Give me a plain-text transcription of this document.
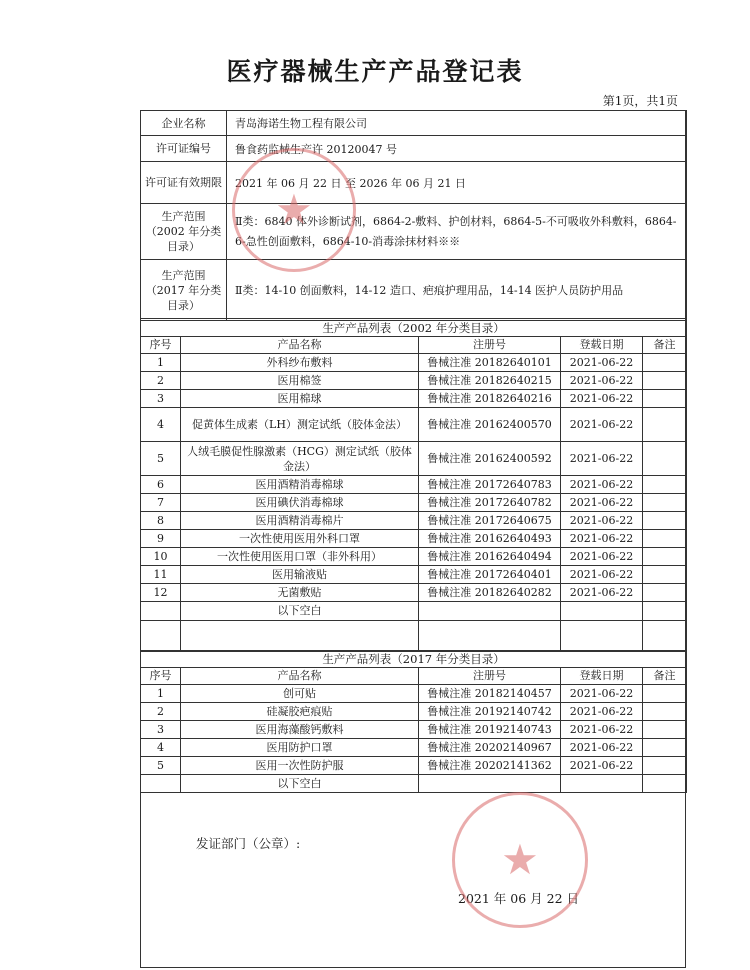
医疗器械生产产品登记表
第1页，共1页
企业名称	青岛海诺生物工程有限公司
许可证编号	鲁食药监械生产许 20120047 号
许可证有效期限	2021 年 06 月 22 日 至 2026 年 06 月 21 日
生产范围（2002 年分类目录）	Ⅱ类：6840 体外诊断试剂，6864-2-敷料、护创材料，6864-5-不可吸收外科敷料，6864-6-急性创面敷料，6864-10-消毒涂抹材料※※
生产范围（2017 年分类目录）	Ⅱ类：14-10 创面敷料，14-12 造口、疤痕护理用品，14-14 医护人员防护用品
生产产品列表（2002 年分类目录）				
序号	产品名称	注册号	登载日期	备注
1	外科纱布敷料	鲁械注准 20182640101	2021-06-22	
2	医用棉签	鲁械注准 20182640215	2021-06-22	
3	医用棉球	鲁械注准 20182640216	2021-06-22	
4	促黄体生成素（LH）测定试纸（胶体金法）	鲁械注准 20162400570	2021-06-22	
5	人绒毛膜促性腺激素（HCG）测定试纸（胶体金法）	鲁械注准 20162400592	2021-06-22	
6	医用酒精消毒棉球	鲁械注准 20172640783	2021-06-22	
7	医用碘伏消毒棉球	鲁械注准 20172640782	2021-06-22	
8	医用酒精消毒棉片	鲁械注准 20172640675	2021-06-22	
9	一次性使用医用外科口罩	鲁械注准 20162640493	2021-06-22	
10	一次性使用医用口罩（非外科用）	鲁械注准 20162640494	2021-06-22	
11	医用输液贴	鲁械注准 20172640401	2021-06-22	
12	无菌敷贴	鲁械注准 20182640282	2021-06-22	
	以下空白			

生产产品列表（2017 年分类目录）				
序号	产品名称	注册号	登载日期	备注
1	创可贴	鲁械注准 20182140457	2021-06-22	
2	硅凝胶疤痕贴	鲁械注准 20192140742	2021-06-22	
3	医用海藻酸钙敷料	鲁械注准 20192140743	2021-06-22	
4	医用防护口罩	鲁械注准 20202140967	2021-06-22	
5	医用一次性防护服	鲁械注准 20202141362	2021-06-22	
	以下空白			
发证部门（公章）:
2021 年 06 月 22 日
★
★
